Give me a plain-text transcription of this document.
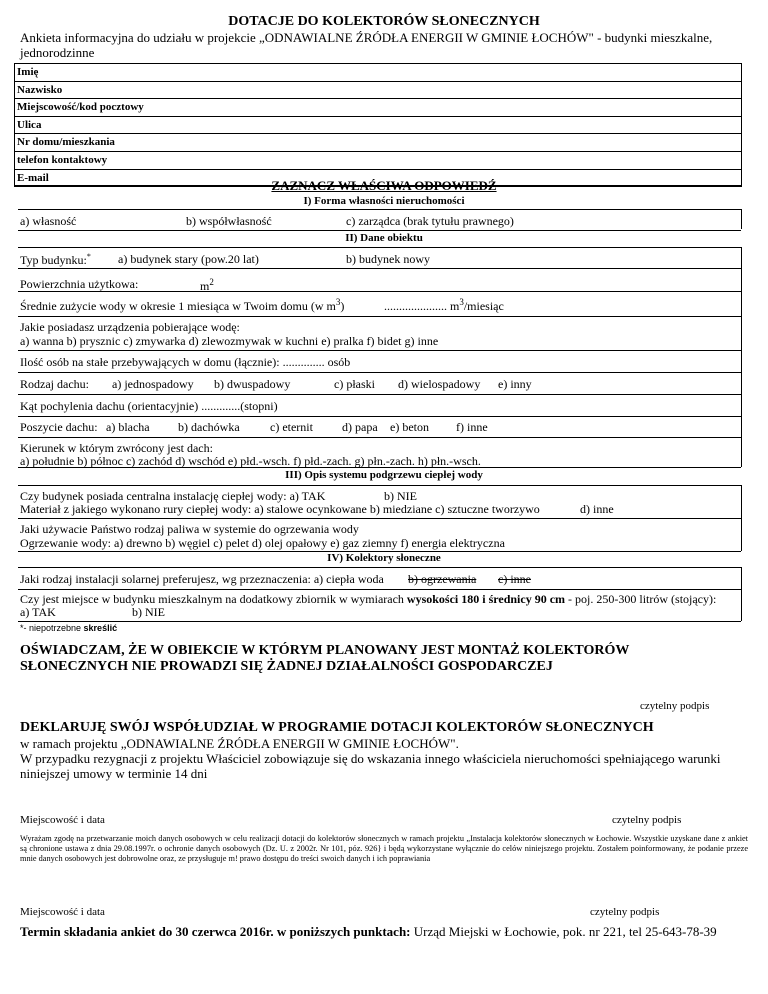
DOTACJE DO KOLEKTORÓW SŁONECZNYCH
Ankieta informacyjna do udziału w projekcie „ODNAWIALNE ŹRÓDŁA ENERGII W GMINIE ŁOCHÓW" - budynki mieszkalne, jednorodzinne
Imię
Nazwisko
Miejscowość/kod pocztowy
Ulica
Nr domu/mieszkania
telefon kontaktowy
E-mail
ZAZNACZ WŁAŚCIWA ODPOWIEDŹ
I) Forma własności nieruchomości
a) własność	b) współwłasność	c) zarządca (brak tytułu prawnego)
II) Dane obiektu
Typ budynku:* a) budynek stary (pow.20 lat)	b) budynek nowy
Powierzchnia użytkowa:	$m^2$
Średnie zużycie wody w okresie 1 miesiąca w Twoim domu (w $m^3$)	..................... $m^3$/miesiąc
Jakie posiadasz urządzenia pobierające wodę:
a) wanna b) prysznic c) zmywarka d) zlewozmywak w kuchni e) pralka f) bidet g) inne
Ilość osób na stałe przebywających w domu (łącznie): .............. osób
Rodzaj dachu: a) jednospadowy b) dwuspadowy	c) płaski d) wielospadowy e) inny
Kąt pochylenia dachu (orientacyjnie) .............(stopni)
Poszycie dachu: a) blacha b) dachówka	c) eternit d) papa e) beton f) inne
Kierunek w którym zwrócony jest dach:
a) południe b) północ c) zachód d) wschód e) płd.-wsch. f) płd.-zach. g) płn.-zach. h) płn.-wsch.
III) Opis systemu podgrzewu ciepłej wody
Czy budynek posiada centralna instalację ciepłej wody: a) TAK	b) NIE
Materiał z jakiego wykonano rury ciepłej wody: a) stalowe ocynkowane b) miedziane c) sztuczne tworzywo	d) inne
Jaki używacie Państwo rodzaj paliwa w systemie do ogrzewania wody
Ogrzewanie wody: a) drewno b) węgiel c) pelet d) olej opałowy e) gaz ziemny f) energia elektryczna
IV) Kolektory słoneczne
Jaki rodzaj instalacji solarnej preferujesz, wg przeznaczenia: a) ciepła woda b) ogrzewania c) inne
Czy jest miejsce w budynku mieszkalnym na dodatkowy zbiornik w wymiarach wysokości 180 i średnicy 90 cm - poj. 250-300 litrów (stojący):
a) TAK	b) NIE
*- niepotrzebne skreślić
OŚWIADCZAM, ŻE W OBIEKCIE W KTÓRYM PLANOWANY JEST MONTAŻ KOLEKTORÓW SŁONECZNYCH NIE PROWADZI SIĘ ŻADNEJ DZIAŁALNOŚCI GOSPODARCZEJ
czytelny podpis
DEKLARUJĘ SWÓJ WSPÓŁUDZIAŁ W PROGRAMIE DOTACJI KOLEKTORÓW SŁONECZNYCH
w ramach projektu „ODNAWIALNE ŹRÓDŁA ENERGII W GMINIE ŁOCHÓW".
W przypadku rezygnacji z projektu Właściciel zobowiązuje się do wskazania innego właściciela nieruchomości spełniającego warunki niniejszej umowy w terminie 14 dni
Miejscowość i data	czytelny podpis
Wyrażam zgodę na przetwarzanie moich danych osobowych w celu realizacji dotacji do kolektorów słonecznych w ramach projektu „Instalacja kolektorów słonecznych w Łochowie. Wszystkie uzyskane dane z ankiet są chronione ustawa z dnia 29.08.1997r. o ochronie danych osobowych (Dz. U. z 2002r. Nr 101, póz. 926} i będą wykorzystane wyłącznie do celów niniejszego projektu. Zostałem poinformowany, że podanie przeze mnie danych osobowych jest dobrowolne oraz, ze przysługuje m! prawo dostępu do treści swoich danych i ich poprawiania
Miejscowość i data	czytelny podpis
Termin składania ankiet do 30 czerwca 2016r. w poniższych punktach: Urząd Miejski w Łochowie, pok. nr 221, tel 25-643-78-39
